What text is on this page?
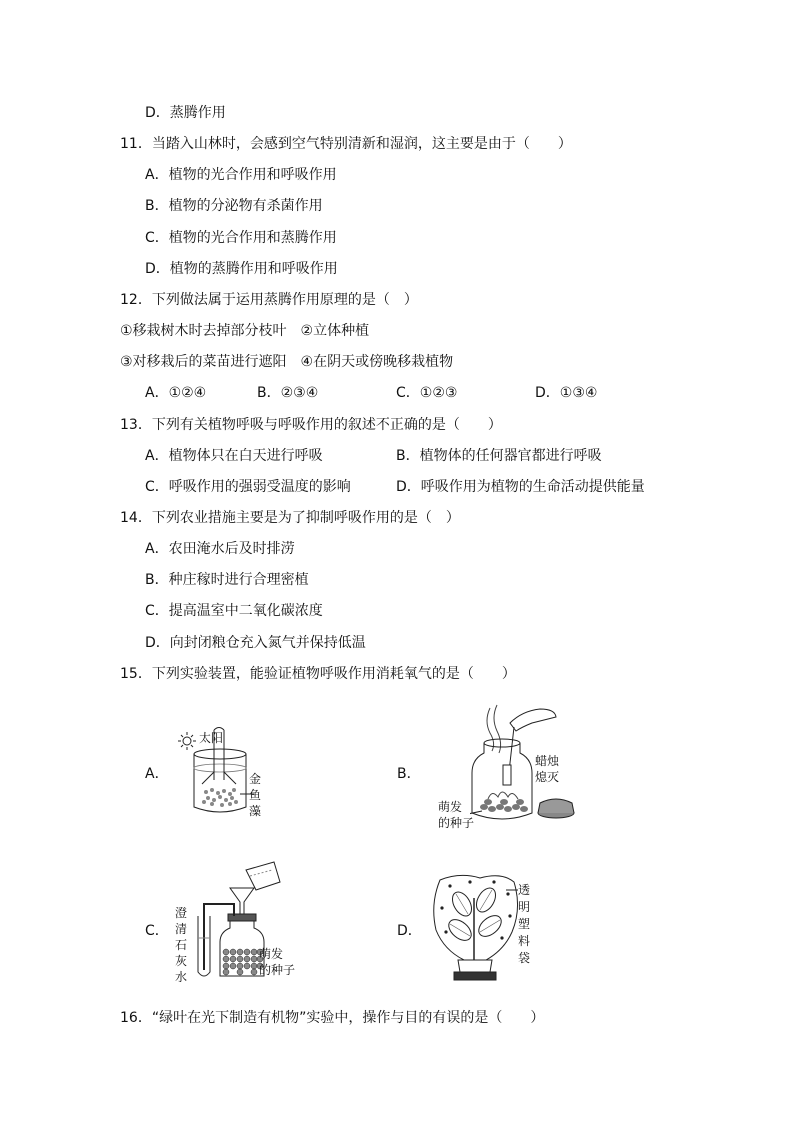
D．蒸腾作用
11．当踏入山林时，会感到空气特别清新和湿润，这主要是由于（　　）
A．植物的光合作用和呼吸作用
B．植物的分泌物有杀菌作用
C．植物的光合作用和蒸腾作用
D．植物的蒸腾作用和呼吸作用
12．下列做法属于运用蒸腾作用原理的是（　）
①移栽树木时去掉部分枝叶　②立体种植
③对移栽后的菜苗进行遮阳　④在阴天或傍晚移栽植物
A．①②④	B．②③④	C．①②③	D．①③④
13．下列有关植物呼吸与呼吸作用的叙述不正确的是（　　）
A．植物体只在白天进行呼吸	B．植物体的任何器官都进行呼吸
C．呼吸作用的强弱受温度的影响	D．呼吸作用为植物的生命活动提供能量
14．下列农业措施主要是为了抑制呼吸作用的是（　）
A．农田淹水后及时排涝
B．种庄稼时进行合理密植
C．提高温室中二氧化碳浓度
D．向封闭粮仓充入氮气并保持低温
15．下列实验装置，能验证植物呼吸作用消耗氧气的是（　　）
A．
太阳
金
鱼
藻
B．
蜡烛
熄灭
萌发
的种子
C．
澄
清
石
灰
水
萌发
的种子
D．
透
明
塑
料
袋
16．“绿叶在光下制造有机物”实验中，操作与目的有误的是（　　）
